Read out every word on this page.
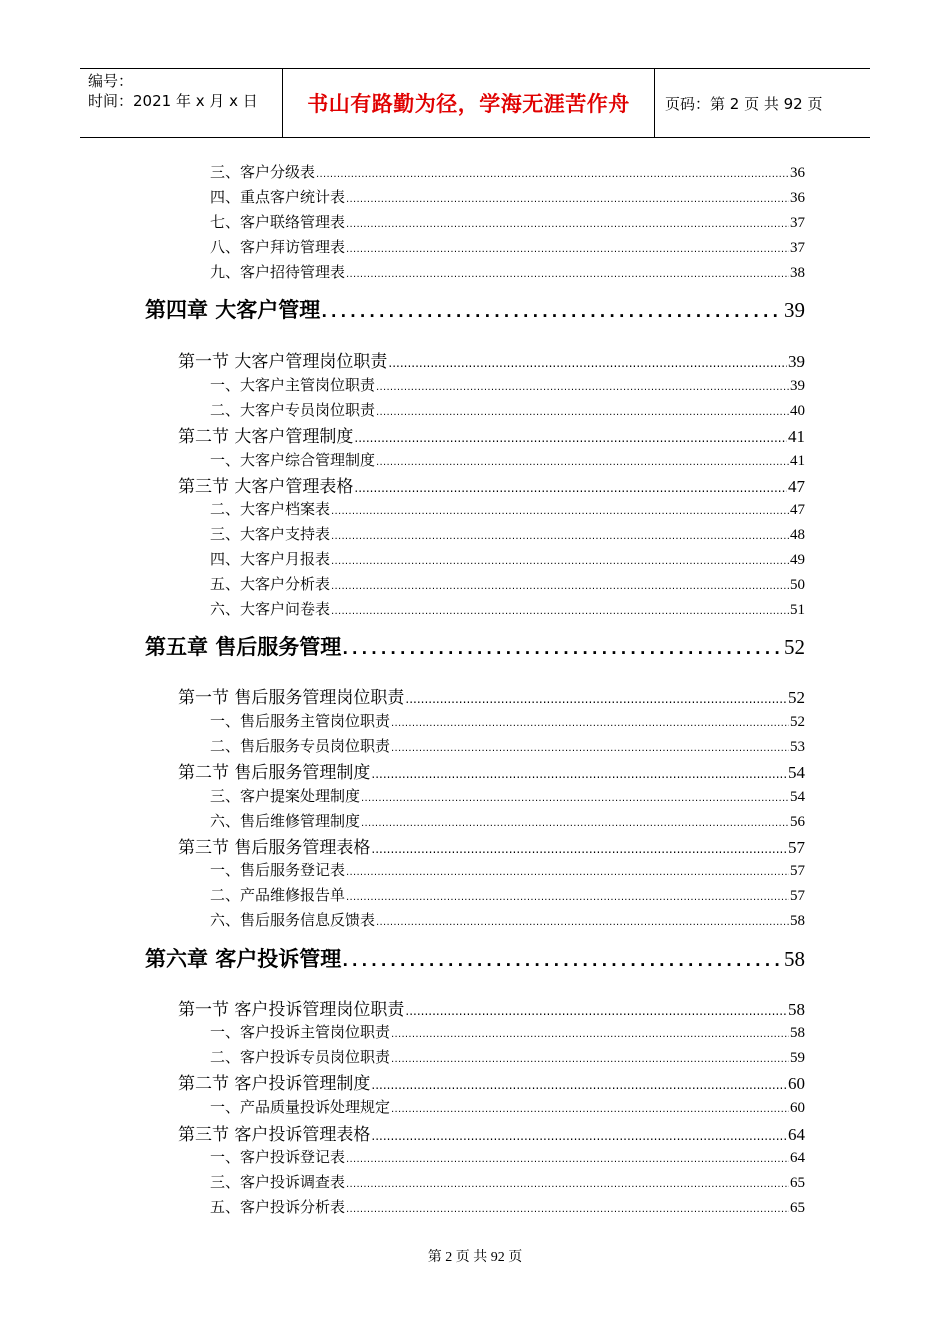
编号：
时间：2021 年 x 月 x 日	书山有路勤为径，学海无涯苦作舟	页码：第 2 页 共 92 页
三、客户分级表 .....	36
四、重点客户统计表 .....	36
七、客户联络管理表 .....	37
八、客户拜访管理表 .....	37
九、客户招待管理表 .....	38
第四章 大客户管理 .....	39
第一节 大客户管理岗位职责 .....	39
一、大客户主管岗位职责 .....	39
二、大客户专员岗位职责 .....	40
第二节 大客户管理制度 .....	41
一、大客户综合管理制度 .....	41
第三节 大客户管理表格 .....	47
二、大客户档案表 .....	47
三、大客户支持表 .....	48
四、大客户月报表 .....	49
五、大客户分析表 .....	50
六、大客户问卷表 .....	51
第五章 售后服务管理 .....	52
第一节 售后服务管理岗位职责 .....	52
一、售后服务主管岗位职责 .....	52
二、售后服务专员岗位职责 .....	53
第二节 售后服务管理制度 .....	54
三、客户提案处理制度 .....	54
六、售后维修管理制度 .....	56
第三节 售后服务管理表格 .....	57
一、售后服务登记表 .....	57
二、产品维修报告单 .....	57
六、售后服务信息反馈表 .....	58
第六章 客户投诉管理 .....	58
第一节 客户投诉管理岗位职责 .....	58
一、客户投诉主管岗位职责 .....	58
二、客户投诉专员岗位职责 .....	59
第二节 客户投诉管理制度 .....	60
一、产品质量投诉处理规定 .....	60
第三节 客户投诉管理表格 .....	64
一、客户投诉登记表 .....	64
三、客户投诉调查表 .....	65
五、客户投诉分析表 .....	65
第 2 页 共 92 页
